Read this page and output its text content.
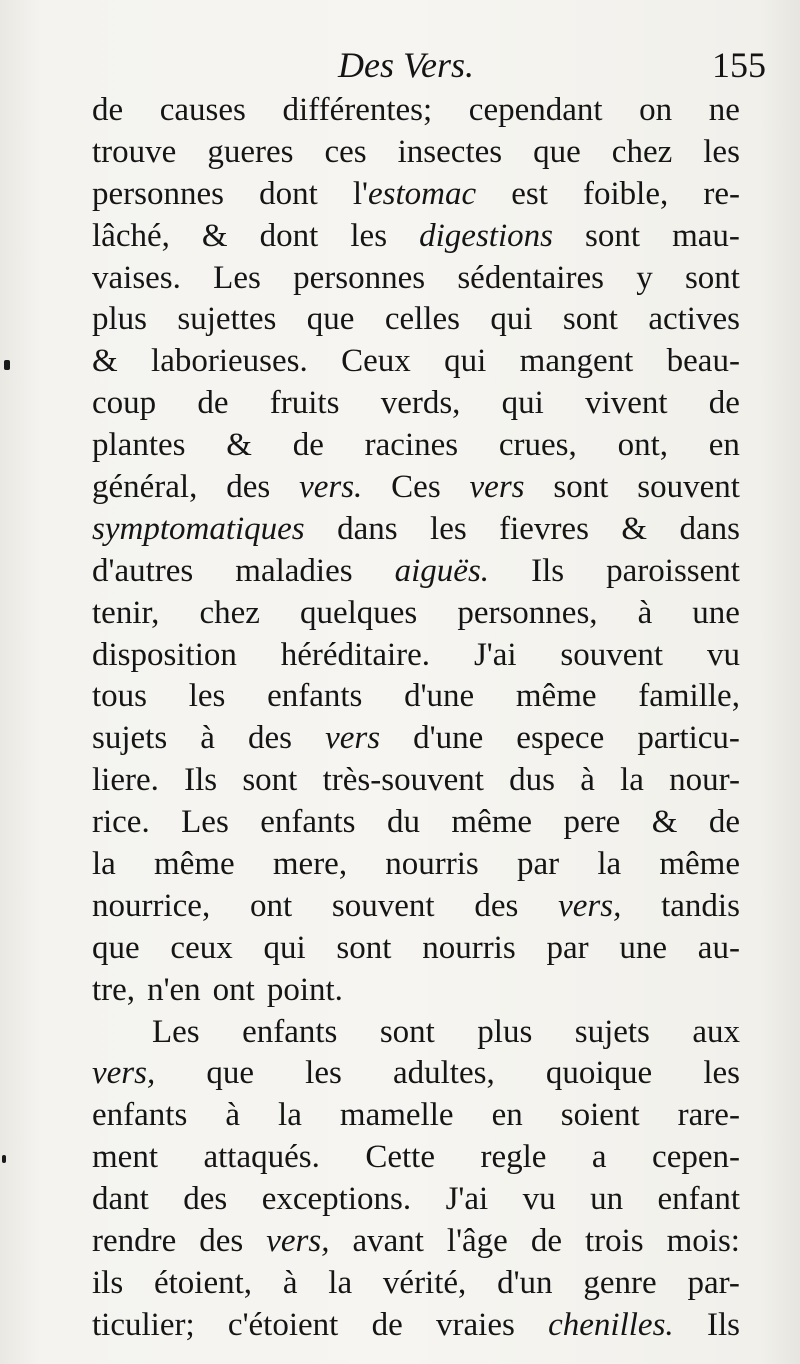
Des Vers.	155
de causes différentes; cependant on ne
trouve gueres ces insectes que chez les
personnes dont l'estomac est foible, re-
lâché, & dont les digestions sont mau-
vaises. Les personnes sédentaires y sont
plus sujettes que celles qui sont actives
& laborieuses. Ceux qui mangent beau-
coup de fruits verds, qui vivent de
plantes & de racines crues, ont, en
général, des vers. Ces vers sont souvent
symptomatiques dans les fievres & dans
d'autres maladies aiguës. Ils paroissent
tenir, chez quelques personnes, à une
disposition héréditaire. J'ai souvent vu
tous les enfants d'une même famille,
sujets à des vers d'une espece particu-
liere. Ils sont très-souvent dus à la nour-
rice. Les enfants du même pere & de
la même mere, nourris par la même
nourrice, ont souvent des vers, tandis
que ceux qui sont nourris par une au-
tre, n'en ont point.
Les enfants sont plus sujets aux
vers, que les adultes, quoique les
enfants à la mamelle en soient rare-
ment attaqués. Cette regle a cepen-
dant des exceptions. J'ai vu un enfant
rendre des vers, avant l'âge de trois mois:
ils étoient, à la vérité, d'un genre par-
ticulier; c'étoient de vraies chenilles. Ils
